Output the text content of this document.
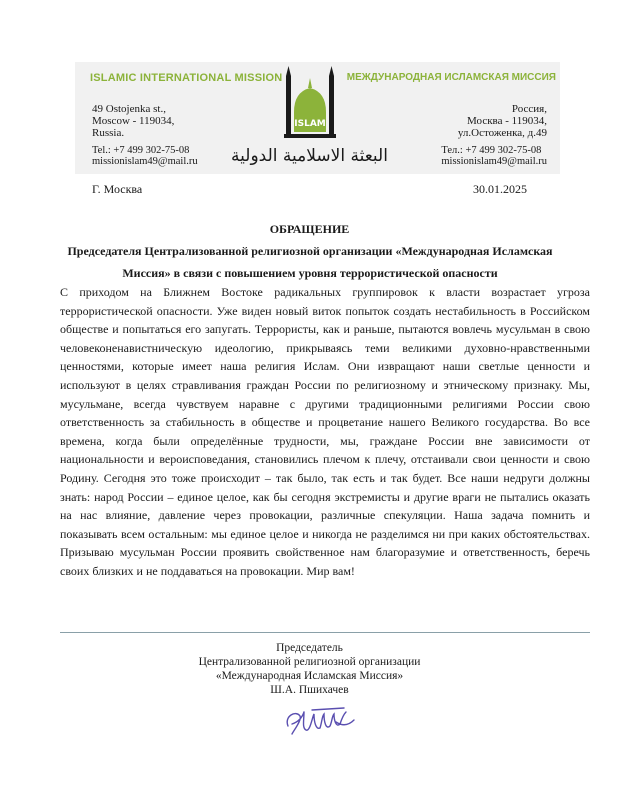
ISLAMIC INTERNATIONAL MISSION	МЕЖДУНАРОДНАЯ ИСЛАМСКАЯ МИССИЯ
49 Ostojenka st.,
Moscow - 119034,
Russia.
Россия,
Москва - 119034,
ул.Остоженка, д.49
Tel.: +7 499 302-75-08
missionislam49@mail.ru
Тел.: +7 499 302-75-08
missionislam49@mail.ru
ISLAM
البعثة الاسلامية الدولية
Г. Москва	30.01.2025
ОБРАЩЕНИЕ
Председателя Централизованной религиозной организации «Международная Исламская Миссия» в связи с повышением уровня террористической опасности
С приходом на Ближнем Востоке радикальных группировок к власти возрастает угроза террористической опасности. Уже виден новый виток попыток создать нестабильность в Российском обществе и попытаться его запугать. Террористы, как и раньше, пытаются вовлечь мусульман в свою человеконенавистническую идеологию, прикрываясь теми великими духовно-нравственными ценностями, которые имеет наша религия Ислам. Они извращают наши светлые ценности и используют в целях стравливания граждан России по религиозному и этническому признаку. Мы, мусульмане, всегда чувствуем наравне с другими традиционными религиями России свою ответственность за стабильность в обществе и процветание нашего Великого государства. Во все времена, когда были определённые трудности, мы, граждане России вне зависимости от национальности и вероисповедания, становились плечом к плечу, отстаивали свои ценности и свою Родину. Сегодня это тоже происходит – так было, так есть и так будет. Все наши недруги должны знать: народ России – единое целое, как бы сегодня экстремисты и другие враги не пытались оказать на нас влияние, давление через провокации, различные спекуляции. Наша задача помнить и показывать всем остальным: мы единое целое и никогда не разделимся ни при каких обстоятельствах. Призываю мусульман России проявить свойственное нам благоразумие и ответственность, беречь своих близких и не поддаваться на провокации. Мир вам!
Председатель
Централизованной религиозной организации
«Международная Исламская Миссия»
Ш.А. Пшихачев
